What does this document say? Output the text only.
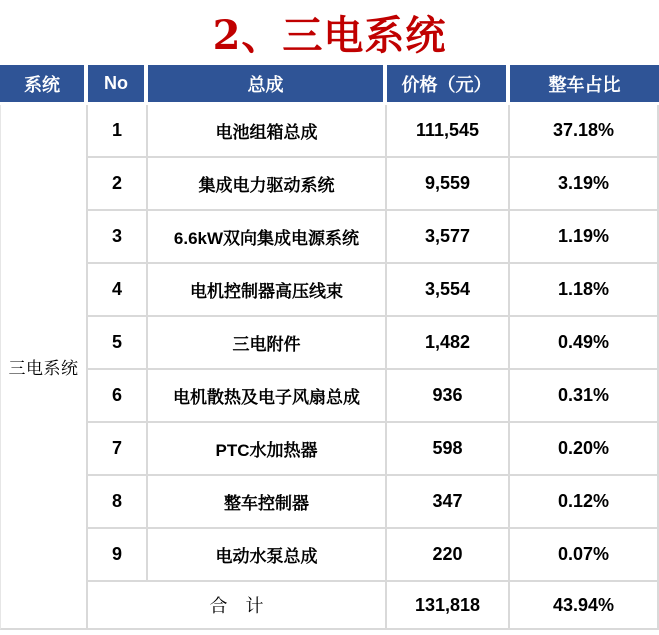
K°° 大数跨境	公众号 nk
2、三电系统
系统	No	总成	价格（元）	整车占比
三电系统	1	电池组箱总成	111,545	37.18%
	2	集成电力驱动系统	9,559	3.19%
	3	6.6kW双向集成电源系统	3,577	1.19%
	4	电机控制器高压线束	3,554	1.18%
	5	三电附件	1,482	0.49%
	6	电机散热及电子风扇总成	936	0.31%
	7	PTC水加热器	598	0.20%
	8	整车控制器	347	0.12%
	9	电动水泵总成	220	0.07%
	合　计		131,818	43.94%
